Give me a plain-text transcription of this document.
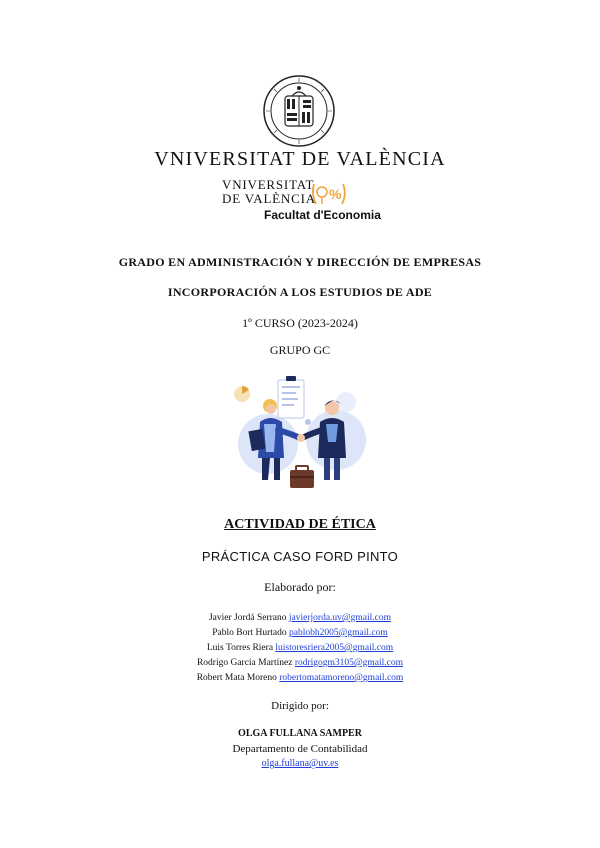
VNIVERSITAT DE VALÈNCIA
VNIVERSITAT
DE VALÈNCIA %
Facultat d'Economia
GRADO EN ADMINISTRACIÓN Y DIRECCIÓN DE EMPRESAS
INCORPORACIÓN A LOS ESTUDIOS DE ADE
1º CURSO (2023-2024)
GRUPO GC
ACTIVIDAD DE ÉTICA
PRÁCTICA CASO FORD PINTO
Elaborado por:
Javier Jordá Serrano javierjorda.uv@gmail.com
Pablo Bort Hurtado pablobh2005@gmail.com
Luis Torres Riera luistoresriera2005@gmail.com
Rodrigo García Martínez rodrigogm3105@gmail.com
Robert Mata Moreno robertomatamoreno@gmail.com
Dirigido por:
OLGA FULLANA SAMPER
Departamento de Contabilidad
olga.fullana@uv.es
